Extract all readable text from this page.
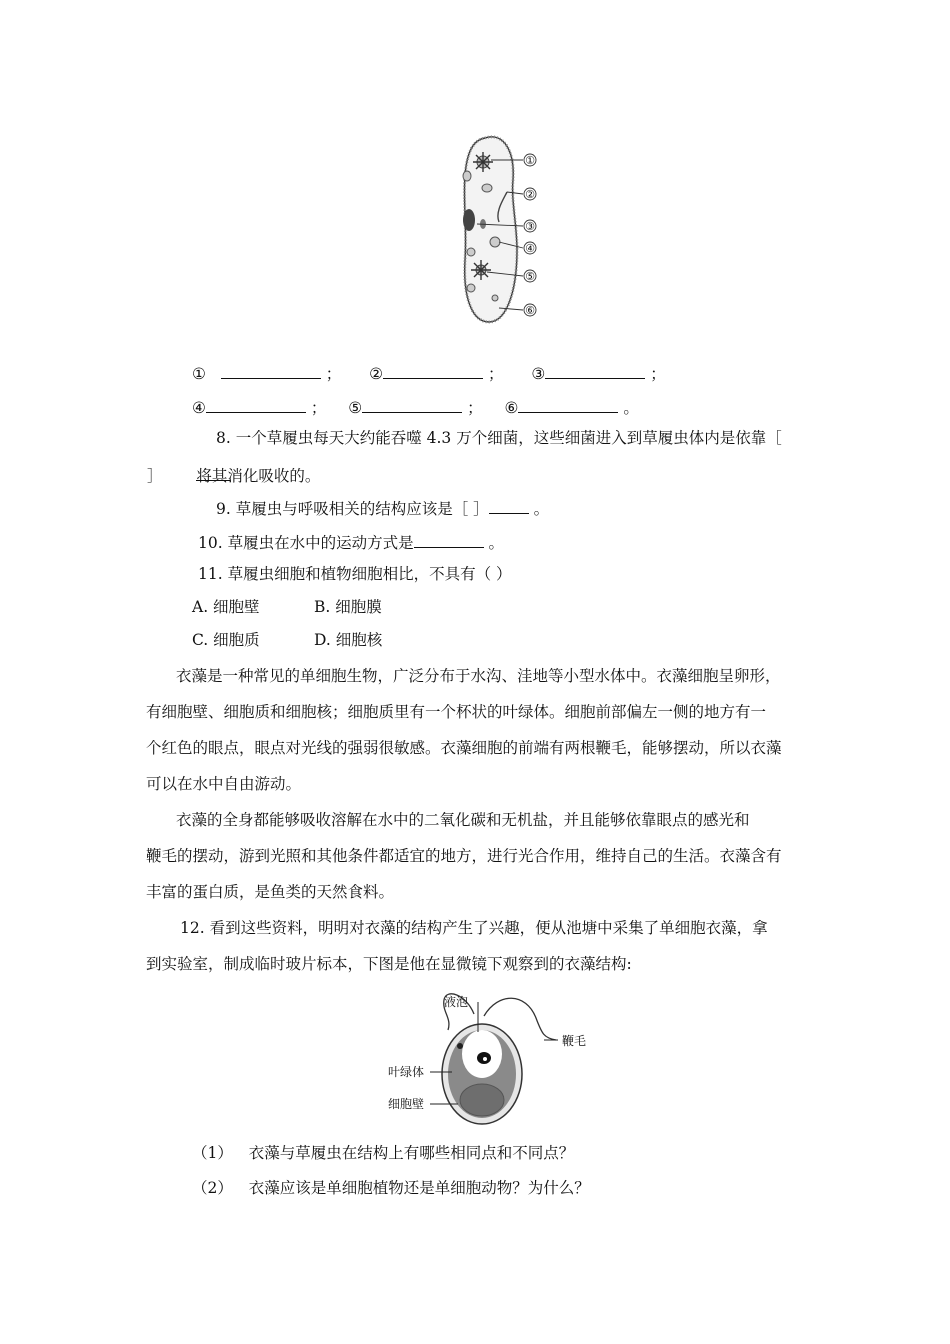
①
②
③
④
⑤
⑥
①	； ②	； ③	；
④	； ⑤	； ⑥	。
8. 一个草履虫每天大约能吞噬 4.3 万个细菌，这些细菌进入到草履虫体内是依靠［
］ 将其消化吸收的。
9. 草履虫与呼吸相关的结构应该是［ ］	。
10. 草履虫在水中的运动方式是	。
11. 草履虫细胞和植物细胞相比，不具有（ ）
A. 细胞壁	B. 细胞膜
C. 细胞质	D. 细胞核
衣藻是一种常见的单细胞生物，广泛分布于水沟、洼地等小型水体中。衣藻细胞呈卵形，
有细胞壁、细胞质和细胞核；细胞质里有一个杯状的叶绿体。细胞前部偏左一侧的地方有一
个红色的眼点，眼点对光线的强弱很敏感。衣藻细胞的前端有两根鞭毛，能够摆动，所以衣藻
可以在水中自由游动。
衣藻的全身都能够吸收溶解在水中的二氧化碳和无机盐，并且能够依靠眼点的感光和
鞭毛的摆动，游到光照和其他条件都适宜的地方，进行光合作用，维持自己的生活。衣藻含有
丰富的蛋白质，是鱼类的天然食料。
12. 看到这些资料，明明对衣藻的结构产生了兴趣，便从池塘中采集了单细胞衣藻，拿
到实验室，制成临时玻片标本，下图是他在显微镜下观察到的衣藻结构:
液泡
鞭毛
叶绿体
细胞壁
（1） 衣藻与草履虫在结构上有哪些相同点和不同点？
（2） 衣藻应该是单细胞植物还是单细胞动物？为什么？
